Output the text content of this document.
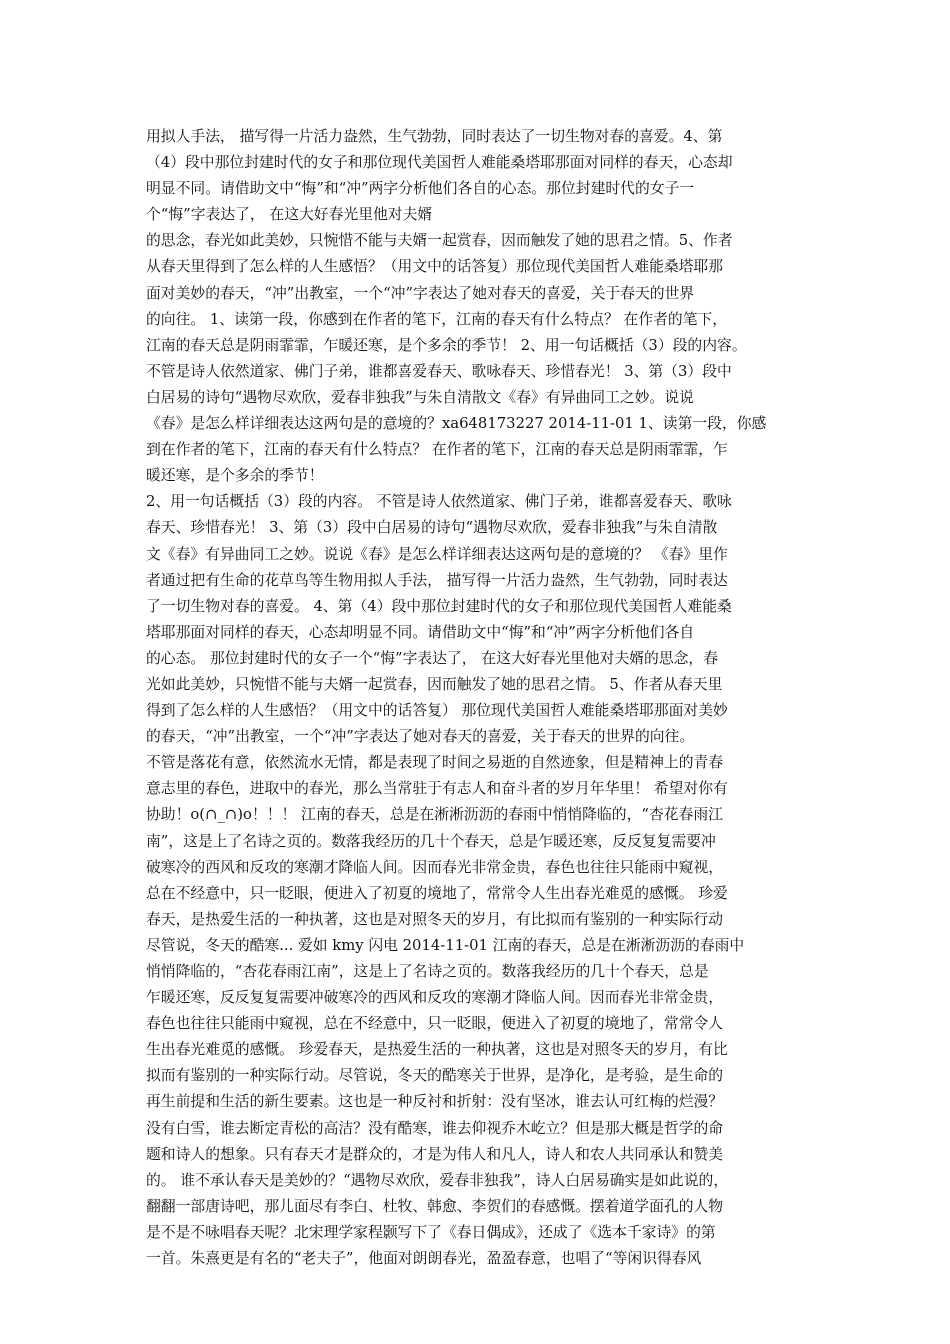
用拟人手法， 描写得一片活力盎然，生气勃勃，同时表达了一切生物对春的喜爱。4、第
（4）段中那位封建时代的女子和那位现代美国哲人难能桑塔耶那面对同样的春天，心态却
明显不同。请借助文中“悔”和“冲”两字分析他们各自的心态。那位封建时代的女子一
个“悔”字表达了， 在这大好春光里他对夫婿
的思念，春光如此美妙，只惋惜不能与夫婿一起赏春，因而触发了她的思君之情。5、作者
从春天里得到了怎么样的人生感悟？（用文中的话答复）那位现代美国哲人难能桑塔耶那
面对美妙的春天，“冲”出教室，一个“冲”字表达了她对春天的喜爱，关于春天的世界
的向往。 1、读第一段，你感到在作者的笔下，江南的春天有什么特点？ 在作者的笔下，
江南的春天总是阴雨霏霏，乍暖还寒，是个多余的季节！ 2、用一句话概括（3）段的内容。
不管是诗人依然道家、佛门子弟，谁都喜爱春天、歌咏春天、珍惜春光！ 3、第（3）段中
白居易的诗句“遇物尽欢欣，爱春非独我”与朱自清散文《春》有异曲同工之妙。说说
《春》是怎么样详细表达这两句是的意境的？xa648173227 2014-11-01 1、读第一段，你感
到在作者的笔下，江南的春天有什么特点？ 在作者的笔下，江南的春天总是阴雨霏霏，乍
暖还寒，是个多余的季节！
2、用一句话概括（3）段的内容。 不管是诗人依然道家、佛门子弟，谁都喜爱春天、歌咏
春天、珍惜春光！ 3、第（3）段中白居易的诗句“遇物尽欢欣，爱春非独我”与朱自清散
文《春》有异曲同工之妙。说说《春》是怎么样详细表达这两句是的意境的？ 《春》里作
者通过把有生命的花草鸟等生物用拟人手法， 描写得一片活力盎然，生气勃勃，同时表达
了一切生物对春的喜爱。 4、第（4）段中那位封建时代的女子和那位现代美国哲人难能桑
塔耶那面对同样的春天，心态却明显不同。请借助文中“悔”和“冲”两字分析他们各自
的心态。 那位封建时代的女子一个“悔”字表达了， 在这大好春光里他对夫婿的思念，春
光如此美妙，只惋惜不能与夫婿一起赏春，因而触发了她的思君之情。 5、作者从春天里
得到了怎么样的人生感悟？（用文中的话答复） 那位现代美国哲人难能桑塔耶那面对美妙
的春天，“冲”出教室，一个“冲”字表达了她对春天的喜爱，关于春天的世界的向往。
不管是落花有意，依然流水无情，都是表现了时间之易逝的自然迹象，但是精神上的青春
意志里的春色，进取中的春光，那么当常驻于有志人和奋斗者的岁月年华里！ 希望对你有
协助！o(∩_∩)o！！！ 江南的春天，总是在淅淅沥沥的春雨中悄悄降临的，“杏花春雨江
南”，这是上了名诗之页的。数落我经历的几十个春天，总是乍暖还寒，反反复复需要冲
破寒冷的西风和反攻的寒潮才降临人间。因而春光非常金贵，春色也往往只能雨中窥视，
总在不经意中，只一眨眼，便进入了初夏的境地了，常常令人生出春光难觅的感慨。 珍爱
春天，是热爱生活的一种执著，这也是对照冬天的岁月，有比拟而有鉴别的一种实际行动
尽管说，冬天的酷寒... 爱如 kmy 闪电 2014-11-01 江南的春天，总是在淅淅沥沥的春雨中
悄悄降临的，“杏花春雨江南”，这是上了名诗之页的。数落我经历的几十个春天，总是
乍暖还寒，反反复复需要冲破寒冷的西风和反攻的寒潮才降临人间。因而春光非常金贵，
春色也往往只能雨中窥视，总在不经意中，只一眨眼，便进入了初夏的境地了，常常令人
生出春光难觅的感慨。 珍爱春天，是热爱生活的一种执著，这也是对照冬天的岁月，有比
拟而有鉴别的一种实际行动。尽管说，冬天的酷寒关于世界，是净化，是考验，是生命的
再生前提和生活的新生要素。这也是一种反衬和折射：没有坚冰，谁去认可红梅的烂漫？
没有白雪，谁去断定青松的高洁？没有酷寒，谁去仰视乔木屹立？但是那大概是哲学的命
题和诗人的想象。只有春天才是群众的，才是为伟人和凡人，诗人和农人共同承认和赞美
的。 谁不承认春天是美妙的？“遇物尽欢欣，爱春非独我”，诗人白居易确实是如此说的，
翻翻一部唐诗吧，那儿面尽有李白、杜牧、韩愈、李贺们的春感慨。摆着道学面孔的人物
是不是不咏唱春天呢？北宋理学家程颢写下了《春日偶成》，还成了《选本千家诗》的第
一首。朱熹更是有名的“老夫子”，他面对朗朗春光，盈盈春意，也唱了“等闲识得春风
